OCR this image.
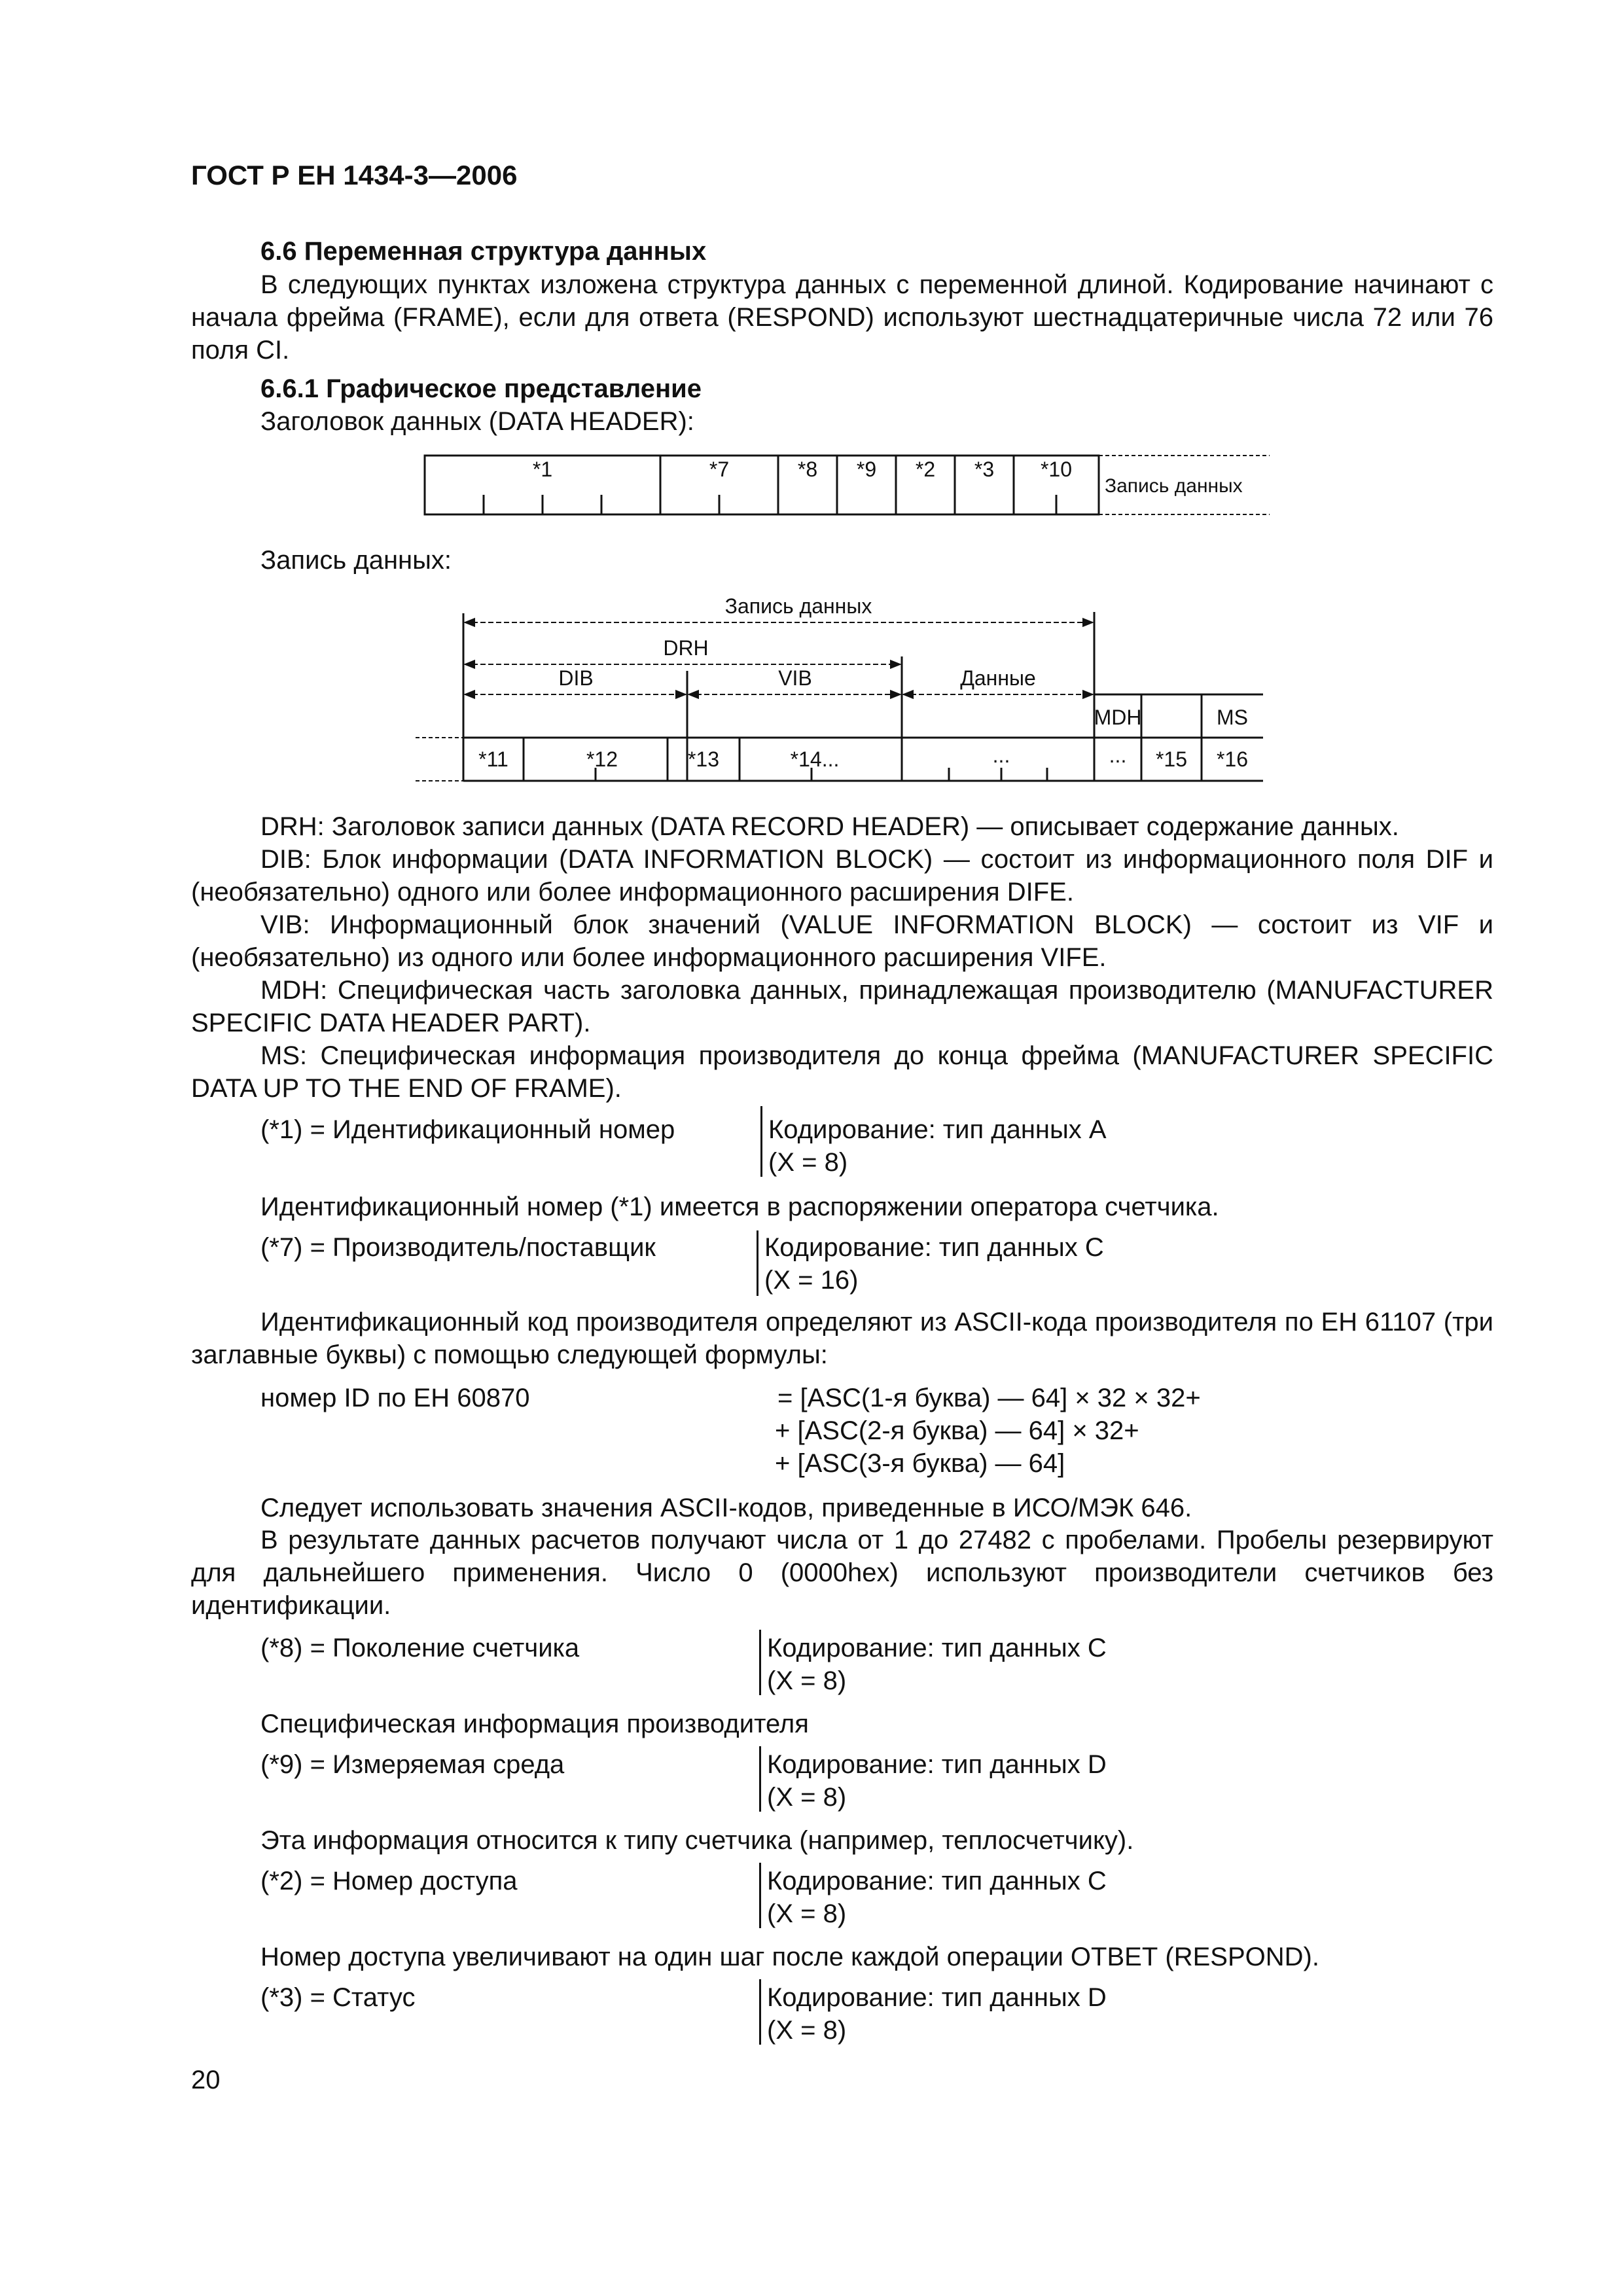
ГОСТ Р ЕН 1434-3—2006
6.6 Переменная структура данных
В следующих пунктах изложена структура данных с переменной длиной. Кодирование начинают с начала фрейма (FRAME), если для ответа (RESPOND) используют шестнадцатеричные числа 72 или 76 поля CI.
6.6.1 Графическое представление
Заголовок данных (DATA HEADER):
*1	*7	*8 *9 *2 *3 *10
Запись данных
Запись данных:
Запись данных
DRH
DIB	VIB	Данные
MDH	MS
*11	*12	*13	*14...	...	... *15 *16
DRH: Заголовок записи данных (DATA RECORD HEADER) — описывает содержание данных.
DIB: Блок информации (DATA INFORMATION BLOCK) — состоит из информационного поля DIF и (необязательно) одного или более информационного расширения DIFE.
VIB: Информационный блок значений (VALUE INFORMATION BLOCK) — состоит из VIF и (необязательно) из одного или более информационного расширения VIFE.
MDH: Специфическая часть заголовка данных, принадлежащая производителю (MANUFACTURER SPECIFIC DATA HEADER PART).
MS: Специфическая информация производителя до конца фрейма (MANUFACTURER SPECIFIC DATA UP TO THE END OF FRAME).
(*1) = Идентификационный номер	Кодирование: тип данных А
(X = 8)
Идентификационный номер (*1) имеется в распоряжении оператора счетчика.
(*7) = Производитель/поставщик	Кодирование: тип данных С
(X = 16)
Идентификационный код производителя определяют из ASCII-кода производителя по ЕН 61107 (три заглавные буквы) с помощью следующей формулы:
номер ID по ЕН 60870	= [ASC(1-я буква) — 64] × 32 × 32+
+ [ASC(2-я буква) — 64] × 32+
+ [ASC(3-я буква) — 64]
Следует использовать значения ASCII-кодов, приведенные в ИСО/МЭК 646.
В результате данных расчетов получают числа от 1 до 27482 с пробелами. Пробелы резервируют для дальнейшего применения. Число 0 (0000hex) используют производители счетчиков без идентификации.
(*8) = Поколение счетчика	Кодирование: тип данных С
(X = 8)
Специфическая информация производителя
(*9) = Измеряемая среда	Кодирование: тип данных D
(X = 8)
Эта информация относится к типу счетчика (например, теплосчетчику).
(*2) = Номер доступа	Кодирование: тип данных С
(X = 8)
Номер доступа увеличивают на один шаг после каждой операции ОТВЕТ (RESPOND).
(*3) = Статус	Кодирование: тип данных D
(X = 8)
20
